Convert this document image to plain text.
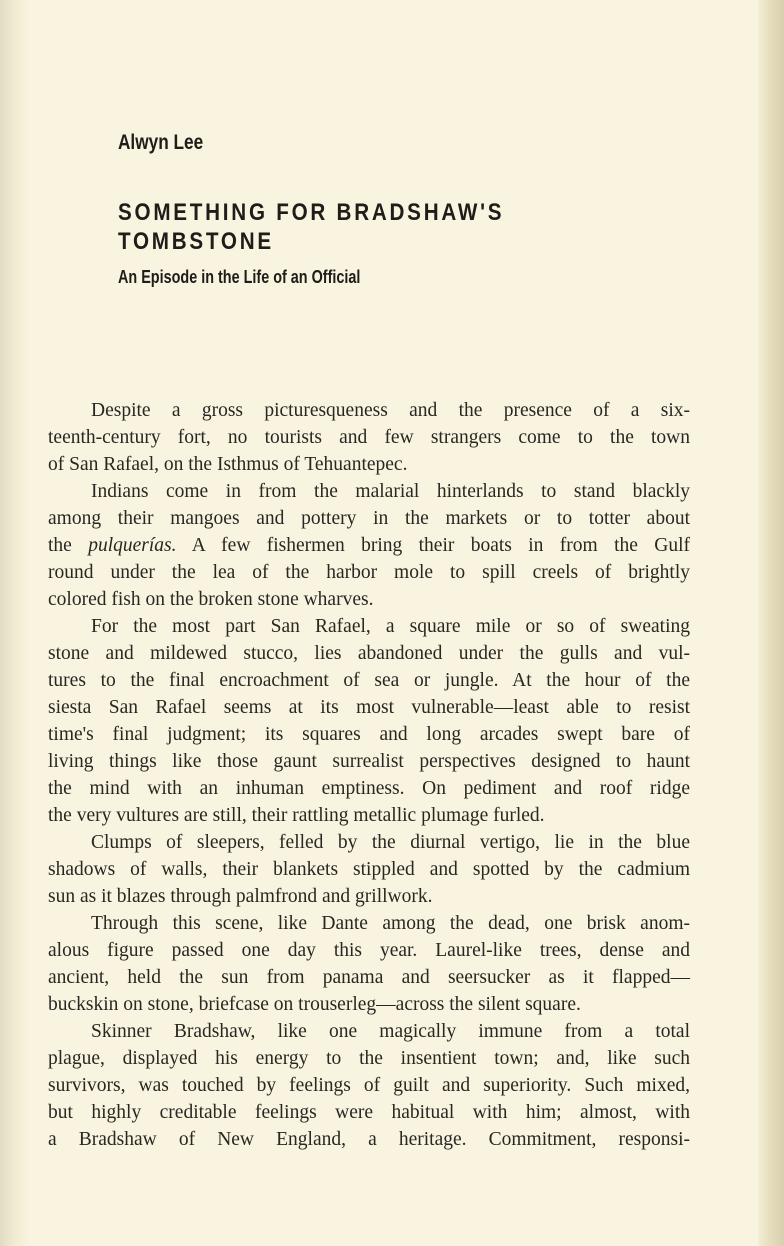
Alwyn Lee
SOMETHING FOR BRADSHAW'S
TOMBSTONE
An Episode in the Life of an Official
Despite a gross picturesqueness and the presence of a six-
teenth-century fort, no tourists and few strangers come to the town
of San Rafael, on the Isthmus of Tehuantepec.
Indians come in from the malarial hinterlands to stand blackly
among their mangoes and pottery in the markets or to totter about
the pulquerías. A few fishermen bring their boats in from the Gulf
round under the lea of the harbor mole to spill creels of brightly
colored fish on the broken stone wharves.
For the most part San Rafael, a square mile or so of sweating
stone and mildewed stucco, lies abandoned under the gulls and vul-
tures to the final encroachment of sea or jungle. At the hour of the
siesta San Rafael seems at its most vulnerable—least able to resist
time's final judgment; its squares and long arcades swept bare of
living things like those gaunt surrealist perspectives designed to haunt
the mind with an inhuman emptiness. On pediment and roof ridge
the very vultures are still, their rattling metallic plumage furled.
Clumps of sleepers, felled by the diurnal vertigo, lie in the blue
shadows of walls, their blankets stippled and spotted by the cadmium
sun as it blazes through palmfrond and grillwork.
Through this scene, like Dante among the dead, one brisk anom-
alous figure passed one day this year. Laurel-like trees, dense and
ancient, held the sun from panama and seersucker as it flapped—
buckskin on stone, briefcase on trouserleg—across the silent square.
Skinner Bradshaw, like one magically immune from a total
plague, displayed his energy to the insentient town; and, like such
survivors, was touched by feelings of guilt and superiority. Such mixed,
but highly creditable feelings were habitual with him; almost, with
a Bradshaw of New England, a heritage. Commitment, responsi-
